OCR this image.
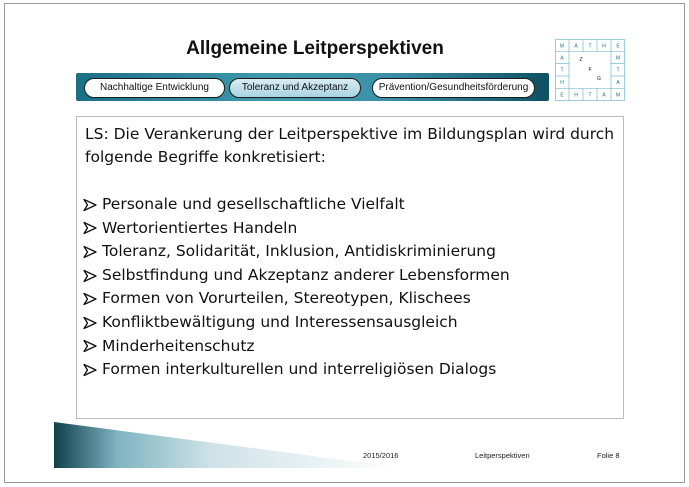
Allgemeine Leitperspektiven	M A T H E
A
T
H
M
T
A
E H T A M
Z
F
G
Nachhaltige Entwicklung	Toleranz und Akzeptanz	Prävention/Gesundheitsförderung
LS: Die Verankerung der Leitperspektive im Bildungsplan wird durch folgende Begriffe konkretisiert:
Personale und gesellschaftliche Vielfalt
Wertorientiertes Handeln
Toleranz, Solidarität, Inklusion, Antidiskriminierung
Selbstfindung und Akzeptanz anderer Lebensformen
Formen von Vorurteilen, Stereotypen, Klischees
Konfliktbewältigung und Interessensausgleich
Minderheitenschutz
Formen interkulturellen und interreligiösen Dialogs
2015/2016	Leitperspektiven	Folie 8
